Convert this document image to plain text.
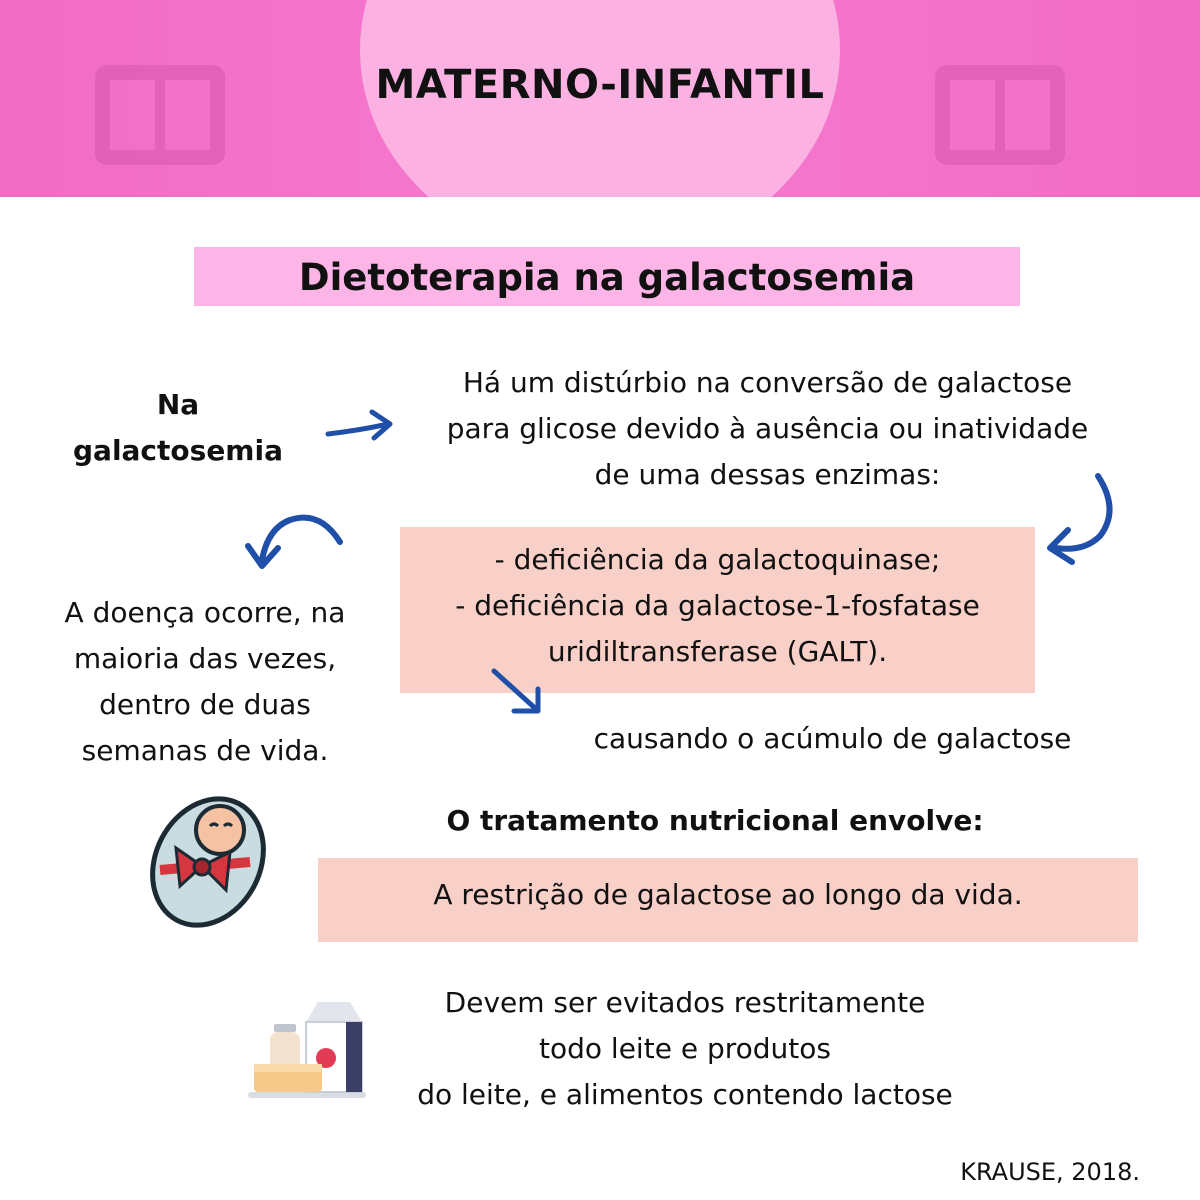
MATERNO-INFANTIL
Dietoterapia na galactosemia
Na
galactosemia
Há um distúrbio na conversão de galactose
para glicose devido à ausência ou inatividade
de uma dessas enzimas:
- deficiência da galactoquinase;
- deficiência da galactose-1-fosfatase
uridiltransferase (GALT).
A doença ocorre, na
maioria das vezes,
dentro de duas
semanas de vida.	causando o acúmulo de galactose
O tratamento nutricional envolve:
A restrição de galactose ao longo da vida.
Devem ser evitados restritamente
todo leite e produtos
do leite, e alimentos contendo lactose
KRAUSE, 2018.
